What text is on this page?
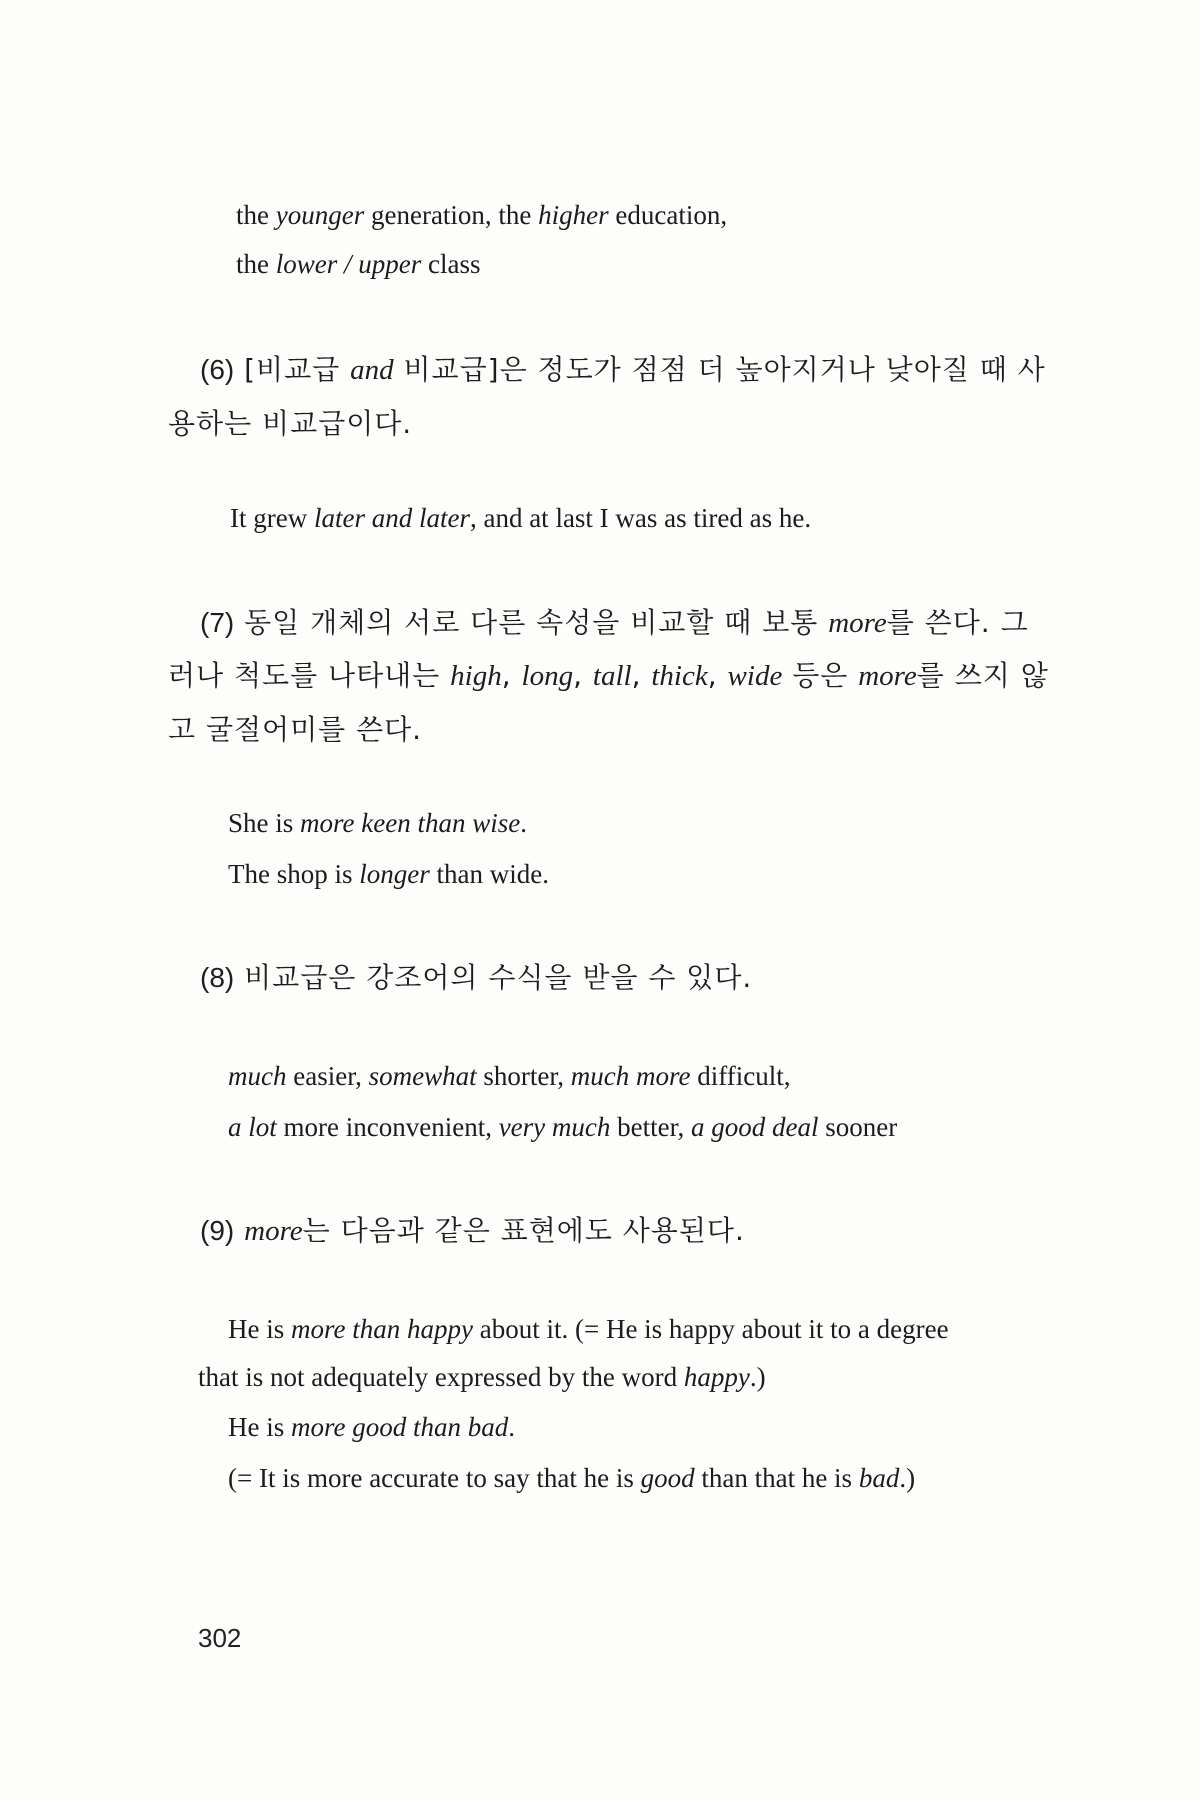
the younger generation, the higher education,
the lower / upper class
(6) [비교급 and 비교급]은 정도가 점점 더 높아지거나 낮아질 때 사
용하는 비교급이다.
It grew later and later, and at last I was as tired as he.
(7) 동일 개체의 서로 다른 속성을 비교할 때 보통 more를 쓴다. 그
러나 척도를 나타내는 high, long, tall, thick, wide 등은 more를 쓰지 않
고 굴절어미를 쓴다.
She is more keen than wise.
The shop is longer than wide.
(8) 비교급은 강조어의 수식을 받을 수 있다.
much easier, somewhat shorter, much more difficult,
a lot more inconvenient, very much better, a good deal sooner
(9) more는 다음과 같은 표현에도 사용된다.
He is more than happy about it. (= He is happy about it to a degree
that is not adequately expressed by the word happy.)
He is more good than bad.
(= It is more accurate to say that he is good than that he is bad.)
302
